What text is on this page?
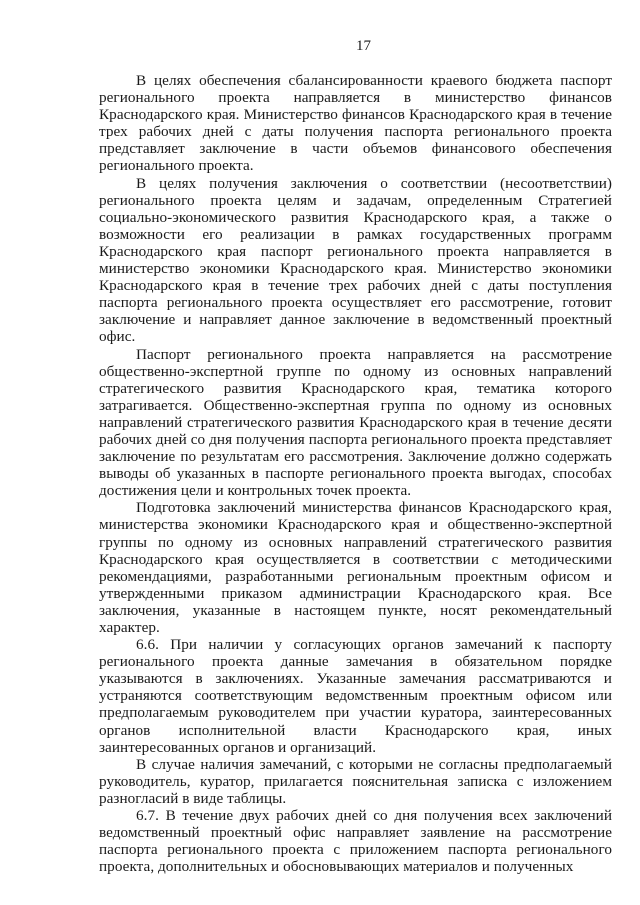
17

В целях обеспечения сбалансированности краевого бюджета паспорт регионального проекта направляется в министерство финансов Краснодарского края. Министерство финансов Краснодарского края в течение трех рабочих дней с даты получения паспорта регионального проекта представляет заключение в части объемов финансового обеспечения регионального проекта.

В целях получения заключения о соответствии (несоответствии) регионального проекта целям и задачам, определенным Стратегией социально-экономического развития Краснодарского края, а также о возможности его реализации в рамках государственных программ Краснодарского края паспорт регионального проекта направляется в министерство экономики Краснодарского края. Министерство экономики Краснодарского края в течение трех рабочих дней с даты поступления паспорта регионального проекта осуществляет его рассмотрение, готовит заключение и направляет данное заключение в ведомственный проектный офис.

Паспорт регионального проекта направляется на рассмотрение общественно-экспертной группе по одному из основных направлений стратегического развития Краснодарского края, тематика которого затрагивается. Общественно-экспертная группа по одному из основных направлений стратегического развития Краснодарского края в течение десяти рабочих дней со дня получения паспорта регионального проекта представляет заключение по результатам его рассмотрения. Заключение должно содержать выводы об указанных в паспорте регионального проекта выгодах, способах достижения цели и контрольных точек проекта.

Подготовка заключений министерства финансов Краснодарского края, министерства экономики Краснодарского края и общественно-экспертной группы по одному из основных направлений стратегического развития Краснодарского края осуществляется в соответствии с методическими рекомендациями, разработанными региональным проектным офисом и утвержденными приказом администрации Краснодарского края. Все заключения, указанные в настоящем пункте, носят рекомендательный характер.

6.6. При наличии у согласующих органов замечаний к паспорту регионального проекта данные замечания в обязательном порядке указываются в заключениях. Указанные замечания рассматриваются и устраняются соответствующим ведомственным проектным офисом или предполагаемым руководителем при участии куратора, заинтересованных органов исполнительной власти Краснодарского края, иных заинтересованных органов и организаций.

В случае наличия замечаний, с которыми не согласны предполагаемый руководитель, куратор, прилагается пояснительная записка с изложением разногласий в виде таблицы.

6.7. В течение двух рабочих дней со дня получения всех заключений ведомственный проектный офис направляет заявление на рассмотрение паспорта регионального проекта с приложением паспорта регионального проекта, дополнительных и обосновывающих материалов и полученных
